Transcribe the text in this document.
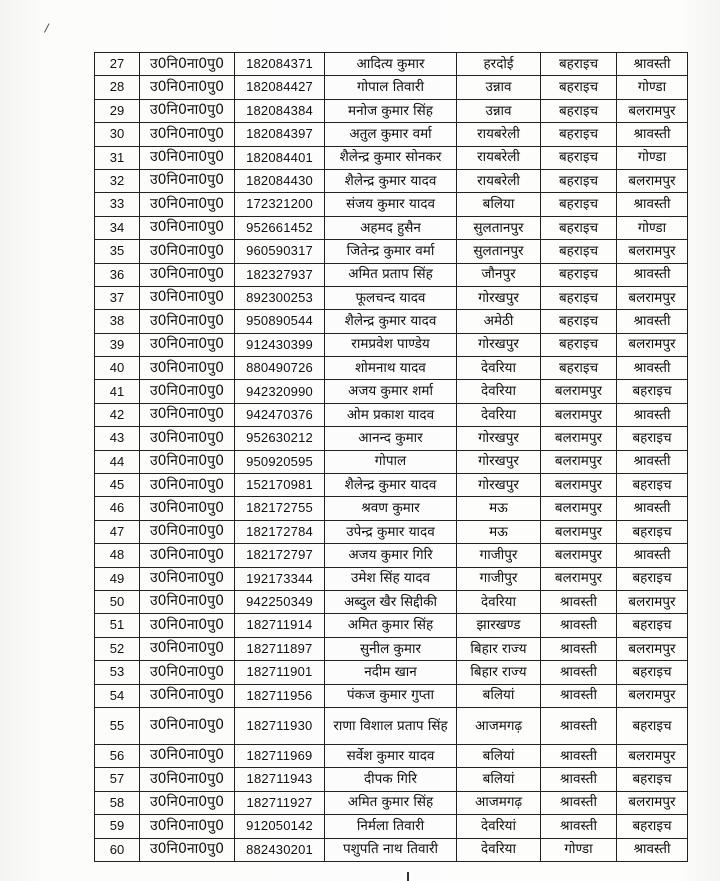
27	उ0नि0ना0पु0	182084371	आदित्य कुमार	हरदोई	बहराइच	श्रावस्ती
28	उ0नि0ना0पु0	182084427	गोपाल तिवारी	उन्नाव	बहराइच	गोण्डा
29	उ0नि0ना0पु0	182084384	मनोज कुमार सिंह	उन्नाव	बहराइच	बलरामपुर
30	उ0नि0ना0पु0	182084397	अतुल कुमार वर्मा	रायबरेली	बहराइच	श्रावस्ती
31	उ0नि0ना0पु0	182084401	शैलेन्द्र कुमार सोनकर	रायबरेली	बहराइच	गोण्डा
32	उ0नि0ना0पु0	182084430	शैलेन्द्र कुमार यादव	रायबरेली	बहराइच	बलरामपुर
33	उ0नि0ना0पु0	172321200	संजय कुमार यादव	बलिया	बहराइच	श्रावस्ती
34	उ0नि0ना0पु0	952661452	अहमद हुसैन	सुलतानपुर	बहराइच	गोण्डा
35	उ0नि0ना0पु0	960590317	जितेन्द्र कुमार वर्मा	सुलतानपुर	बहराइच	बलरामपुर
36	उ0नि0ना0पु0	182327937	अमित प्रताप सिंह	जौनपुर	बहराइच	श्रावस्ती
37	उ0नि0ना0पु0	892300253	फूलचन्द यादव	गोरखपुर	बहराइच	बलरामपुर
38	उ0नि0ना0पु0	950890544	शैलेन्द्र कुमार यादव	अमेठी	बहराइच	श्रावस्ती
39	उ0नि0ना0पु0	912430399	रामप्रवेश पाण्डेय	गोरखपुर	बहराइच	बलरामपुर
40	उ0नि0ना0पु0	880490726	शोमनाथ यादव	देवरिया	बहराइच	श्रावस्ती
41	उ0नि0ना0पु0	942320990	अजय कुमार शर्मा	देवरिया	बलरामपुर	बहराइच
42	उ0नि0ना0पु0	942470376	ओम प्रकाश यादव	देवरिया	बलरामपुर	श्रावस्ती
43	उ0नि0ना0पु0	952630212	आनन्द कुमार	गोरखपुर	बलरामपुर	बहराइच
44	उ0नि0ना0पु0	950920595	गोपाल	गोरखपुर	बलरामपुर	श्रावस्ती
45	उ0नि0ना0पु0	152170981	शैलेन्द्र कुमार यादव	गोरखपुर	बलरामपुर	बहराइच
46	उ0नि0ना0पु0	182172755	श्रवण कुमार	मऊ	बलरामपुर	श्रावस्ती
47	उ0नि0ना0पु0	182172784	उपेन्द्र कुमार यादव	मऊ	बलरामपुर	बहराइच
48	उ0नि0ना0पु0	182172797	अजय कुमार गिरि	गाजीपुर	बलरामपुर	श्रावस्ती
49	उ0नि0ना0पु0	192173344	उमेश सिंह यादव	गाजीपुर	बलरामपुर	बहराइच
50	उ0नि0ना0पु0	942250349	अब्दुल खैर सिद्दीकी	देवरिया	श्रावस्ती	बलरामपुर
51	उ0नि0ना0पु0	182711914	अमित कुमार सिंह	झारखण्ड	श्रावस्ती	बहराइच
52	उ0नि0ना0पु0	182711897	सुनील कुमार	बिहार राज्य	श्रावस्ती	बलरामपुर
53	उ0नि0ना0पु0	182711901	नदीम खान	बिहार राज्य	श्रावस्ती	बहराइच
54	उ0नि0ना0पु0	182711956	पंकज कुमार गुप्ता	बलियां	श्रावस्ती	बलरामपुर
55	उ0नि0ना0पु0	182711930	राणा विशाल प्रताप सिंह	आजमगढ़	श्रावस्ती	बहराइच
56	उ0नि0ना0पु0	182711969	सर्वेश कुमार यादव	बलियां	श्रावस्ती	बलरामपुर
57	उ0नि0ना0पु0	182711943	दीपक गिरि	बलियां	श्रावस्ती	बहराइच
58	उ0नि0ना0पु0	182711927	अमित कुमार सिंह	आजमगढ़	श्रावस्ती	बलरामपुर
59	उ0नि0ना0पु0	912050142	निर्मला तिवारी	देवरियां	श्रावस्ती	बहराइच
60	उ0नि0ना0पु0	882430201	पशुपति नाथ तिवारी	देवरिया	गोण्डा	श्रावस्ती
